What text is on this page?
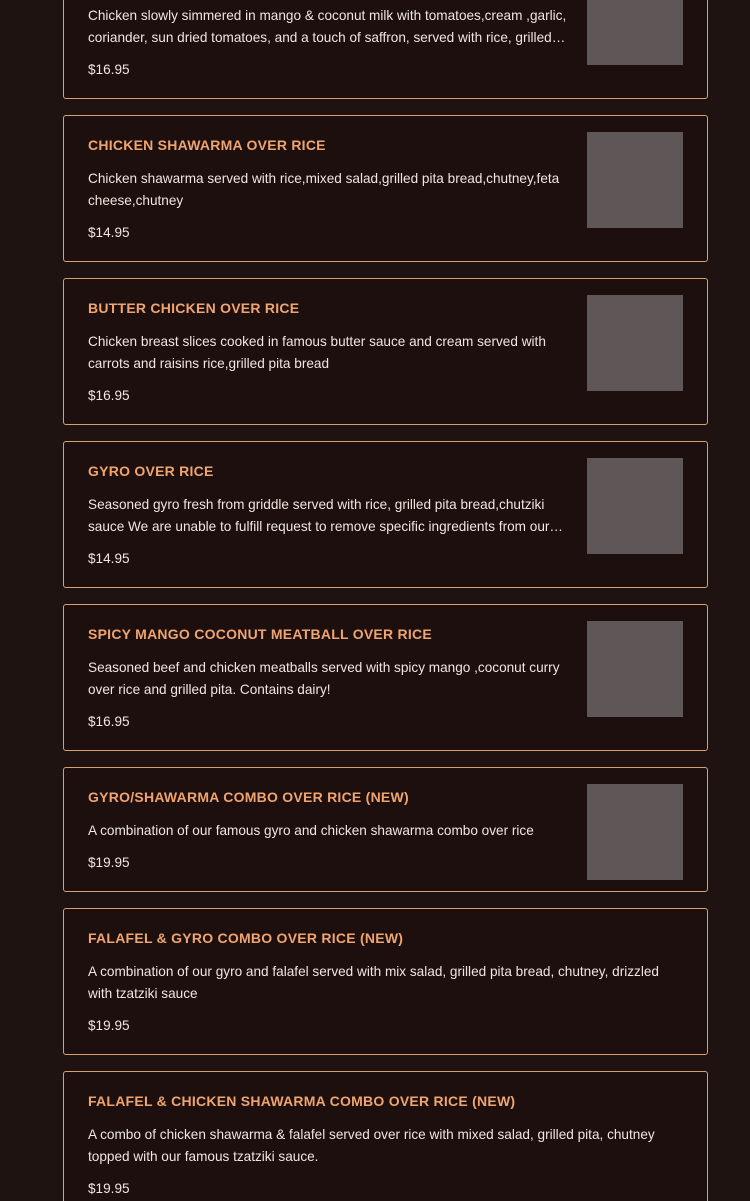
Chicken slowly simmered in mango & coconut milk with tomatoes,cream ,garlic, coriander, sun dried tomatoes, and a touch of saffron, served with rice, grilled
$16.95
CHICKEN SHAWARMA OVER RICE
Chicken shawarma served with rice,mixed salad,grilled pita bread,chutney,feta cheese,chutney
$14.95
BUTTER CHICKEN OVER RICE
Chicken breast slices cooked in famous butter sauce and cream served with carrots and raisins rice,grilled pita bread
$16.95
GYRO OVER RICE
Seasoned gyro fresh from griddle served with rice, grilled pita bread,chutziki sauce We are unable to fulfill request to remove specific ingredients from our
$14.95
SPICY MANGO COCONUT MEATBALL OVER RICE
Seasoned beef and chicken meatballs served with spicy mango ,coconut curry over rice and grilled pita. Contains dairy!
$16.95
GYRO/SHAWARMA COMBO OVER RICE (NEW)
A combination of our famous gyro and chicken shawarma combo over rice
$19.95
FALAFEL & GYRO COMBO OVER RICE (NEW)
A combination of our gyro and falafel served with mix salad, grilled pita bread, chutney, drizzled with tzatziki sauce
$19.95
FALAFEL & CHICKEN SHAWARMA COMBO OVER RICE (NEW)
A combo of chicken shawarma & falafel served over rice with mixed salad, grilled pita, chutney topped with our famous tzatziki sauce.
$19.95
